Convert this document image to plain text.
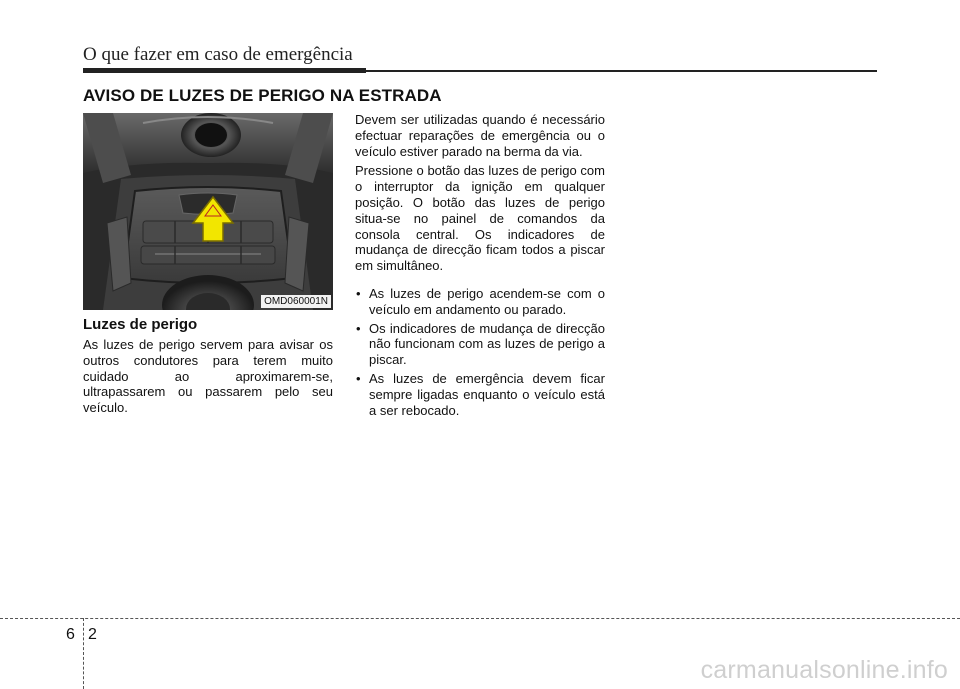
O que fazer em caso de emergência
AVISO DE LUZES DE PERIGO NA ESTRADA
OMD060001N
Luzes de perigo

As luzes de perigo servem para avisar os outros condutores para terem muito cuidado ao aproximarem-se, ultrapassarem ou passarem pelo seu veículo.

Devem ser utilizadas quando é necessário efectuar reparações de emergência ou o veículo estiver parado na berma da via.

Pressione o botão das luzes de perigo com o interruptor da ignição em qualquer posição. O botão das luzes de perigo situa-se no painel de comandos da consola central. Os indicadores de mudança de direcção ficam todos a piscar em simultâneo.

• As luzes de perigo acendem-se com o veículo em andamento ou parado.
• Os indicadores de mudança de direcção não funcionam com as luzes de perigo a piscar.
• As luzes de emergência devem ficar sempre ligadas enquanto o veículo está a ser rebocado.
6 2
carmanualsonline.info
